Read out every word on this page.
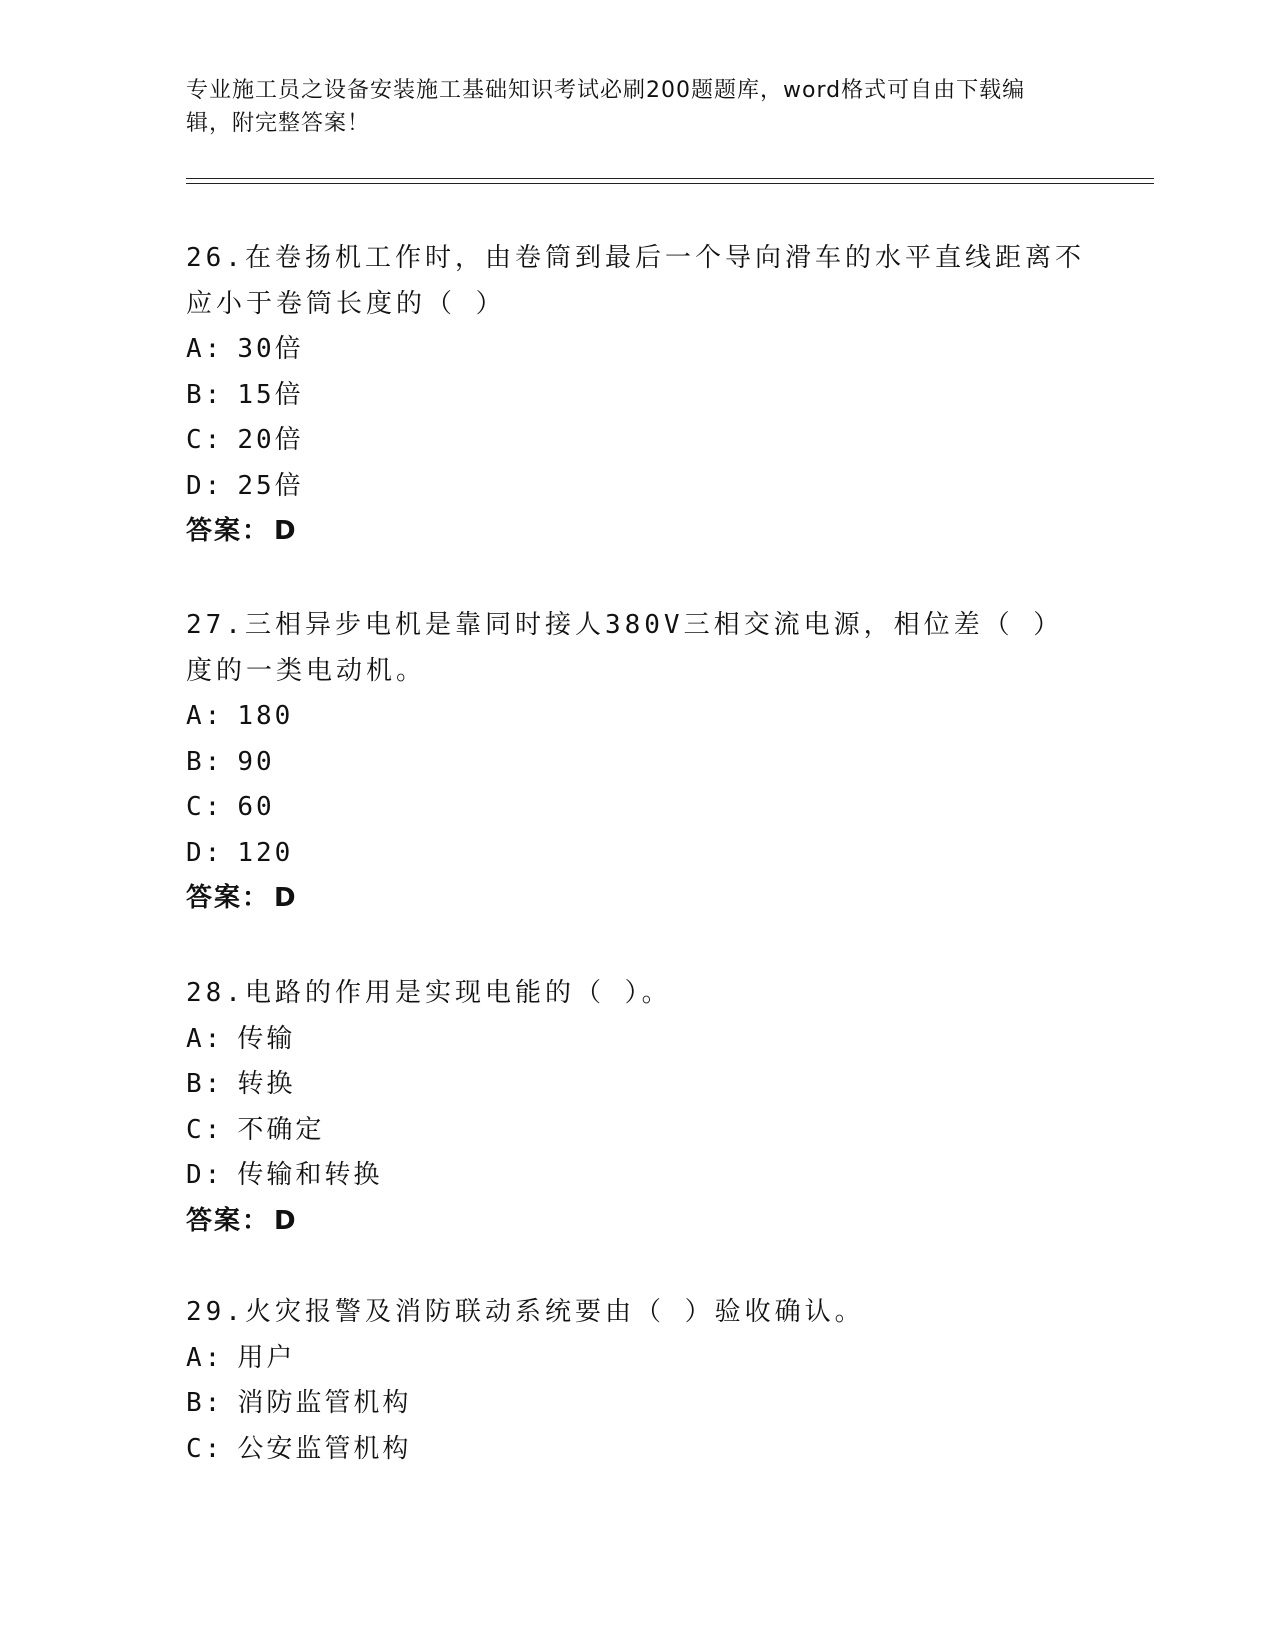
专业施工员之设备安装施工基础知识考试必刷200题题库，word格式可自由下载编辑，附完整答案！

26.在卷扬机工作时，由卷筒到最后一个导向滑车的水平直线距离不应小于卷筒长度的（ ）

A: 30倍

B: 15倍

C: 20倍

D: 25倍

答案： D

27.三相异步电机是靠同时接人380V三相交流电源，相位差（ ）度的一类电动机。

A: 180

B: 90

C: 60

D: 120

答案： D

28.电路的作用是实现电能的（ ）。

A: 传输

B: 转换

C: 不确定

D: 传输和转换

答案： D

29.火灾报警及消防联动系统要由（ ）验收确认。

A: 用户

B: 消防监管机构

C: 公安监管机构
